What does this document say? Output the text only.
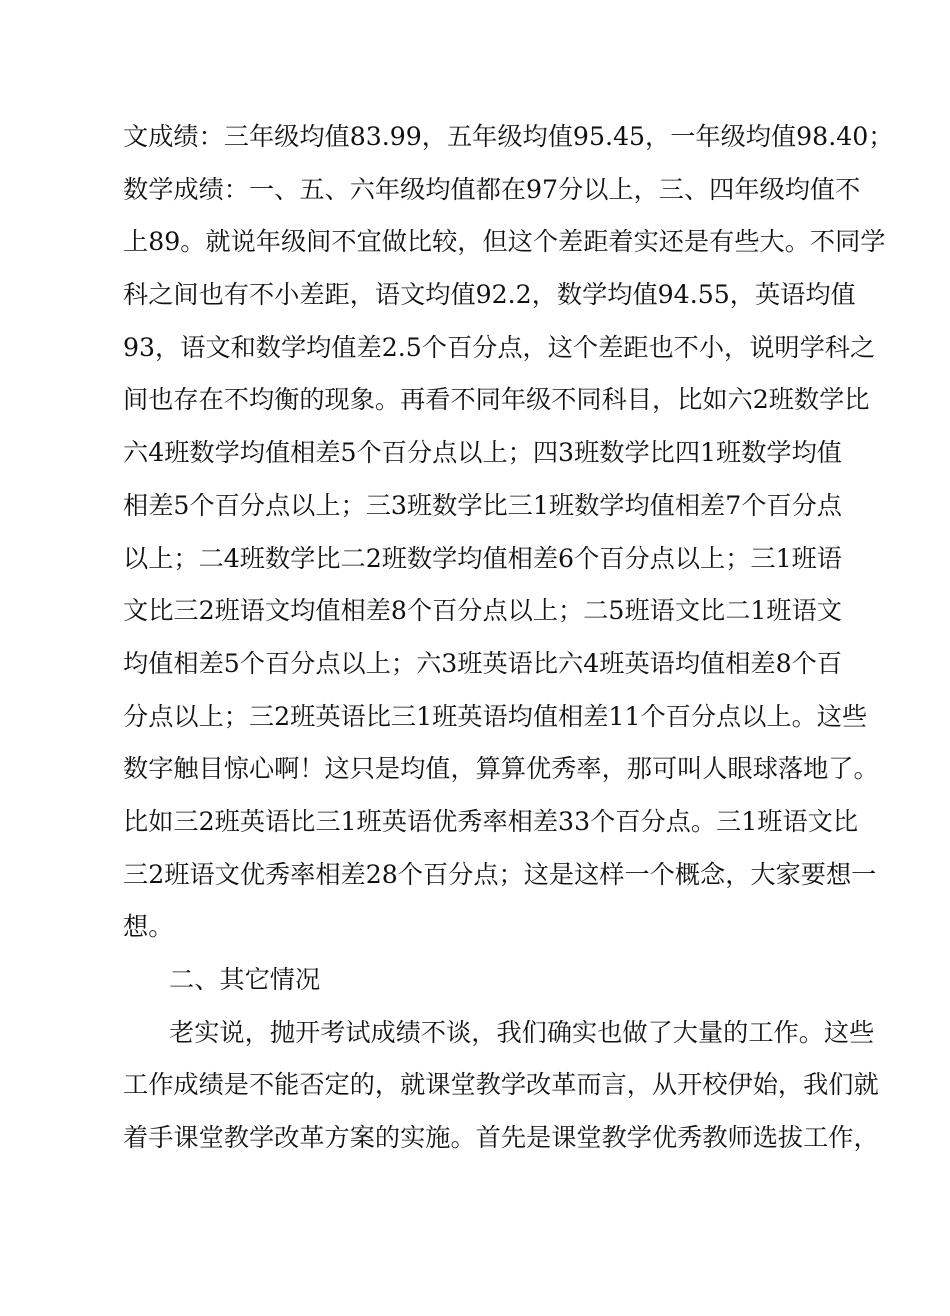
文成绩：三年级均值83.99，五年级均值95.45，一年级均值98.40；
数学成绩：一、五、六年级均值都在97分以上，三、四年级均值不
上89。就说年级间不宜做比较，但这个差距着实还是有些大。不同学
科之间也有不小差距，语文均值92.2，数学均值94.55，英语均值
93，语文和数学均值差2.5个百分点，这个差距也不小，说明学科之
间也存在不均衡的现象。再看不同年级不同科目，比如六2班数学比
六4班数学均值相差5个百分点以上；四3班数学比四1班数学均值
相差5个百分点以上；三3班数学比三1班数学均值相差7个百分点
以上；二4班数学比二2班数学均值相差6个百分点以上；三1班语
文比三2班语文均值相差8个百分点以上；二5班语文比二1班语文
均值相差5个百分点以上；六3班英语比六4班英语均值相差8个百
分点以上；三2班英语比三1班英语均值相差11个百分点以上。这些
数字触目惊心啊！这只是均值，算算优秀率，那可叫人眼球落地了。
比如三2班英语比三1班英语优秀率相差33个百分点。三1班语文比
三2班语文优秀率相差28个百分点；这是这样一个概念，大家要想一
想。
二、其它情况
老实说，抛开考试成绩不谈，我们确实也做了大量的工作。这些
工作成绩是不能否定的，就课堂教学改革而言，从开校伊始，我们就
着手课堂教学改革方案的实施。首先是课堂教学优秀教师选拔工作，
